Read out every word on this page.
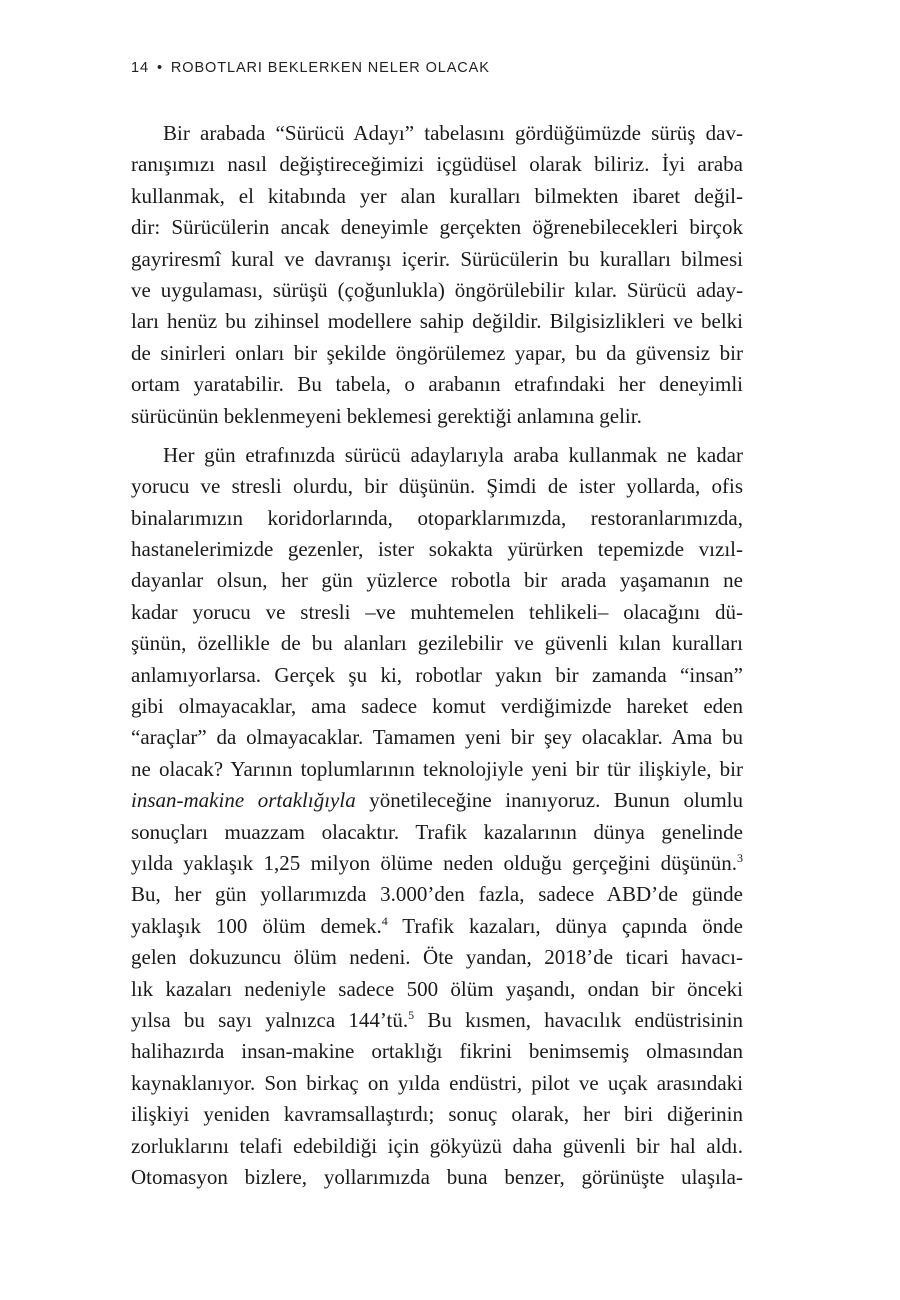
14 • ROBOTLARI BEKLERKEN NELER OLACAK
Bir arabada “Sürücü Adayı” tabelasını gördüğümüzde sürüş dav-
ranışımızı nasıl değiştireceğimizi içgüdüsel olarak biliriz. İyi araba
kullanmak, el kitabında yer alan kuralları bilmekten ibaret değil-
dir: Sürücülerin ancak deneyimle gerçekten öğrenebilecekleri birçok
gayriresmî kural ve davranışı içerir. Sürücülerin bu kuralları bilmesi
ve uygulaması, sürüşü (çoğunlukla) öngörülebilir kılar. Sürücü aday-
ları henüz bu zihinsel modellere sahip değildir. Bilgisizlikleri ve belki
de sinirleri onları bir şekilde öngörülemez yapar, bu da güvensiz bir
ortam yaratabilir. Bu tabela, o arabanın etrafındaki her deneyimli
sürücünün beklenmeyeni beklemesi gerektiği anlamına gelir.
Her gün etrafınızda sürücü adaylarıyla araba kullanmak ne kadar
yorucu ve stresli olurdu, bir düşünün. Şimdi de ister yollarda, ofis
binalarımızın koridorlarında, otoparklarımızda, restoranlarımızda,
hastanelerimizde gezenler, ister sokakta yürürken tepemizde vızıl-
dayanlar olsun, her gün yüzlerce robotla bir arada yaşamanın ne
kadar yorucu ve stresli –ve muhtemelen tehlikeli– olacağını dü-
şünün, özellikle de bu alanları gezilebilir ve güvenli kılan kuralları
anlamıyorlarsa. Gerçek şu ki, robotlar yakın bir zamanda “insan”
gibi olmayacaklar, ama sadece komut verdiğimizde hareket eden
“araçlar” da olmayacaklar. Tamamen yeni bir şey olacaklar. Ama bu
ne olacak? Yarının toplumlarının teknolojiyle yeni bir tür ilişkiyle, bir
insan-makine ortaklığıyla yönetileceğine inanıyoruz. Bunun olumlu
sonuçları muazzam olacaktır. Trafik kazalarının dünya genelinde
yılda yaklaşık 1,25 milyon ölüme neden olduğu gerçeğini düşünün.$^3$
Bu, her gün yollarımızda 3.000’den fazla, sadece ABD’de günde
yaklaşık 100 ölüm demek.$^4$ Trafik kazaları, dünya çapında önde
gelen dokuzuncu ölüm nedeni. Öte yandan, 2018’de ticari havacı-
lık kazaları nedeniyle sadece 500 ölüm yaşandı, ondan bir önceki
yılsa bu sayı yalnızca 144’tü.$^5$ Bu kısmen, havacılık endüstrisinin
halihazırda insan-makine ortaklığı fikrini benimsemiş olmasından
kaynaklanıyor. Son birkaç on yılda endüstri, pilot ve uçak arasındaki
ilişkiyi yeniden kavramsallaştırdı; sonuç olarak, her biri diğerinin
zorluklarını telafi edebildiği için gökyüzü daha güvenli bir hal aldı.
Otomasyon bizlere, yollarımızda buna benzer, görünüşte ulaşıla-
